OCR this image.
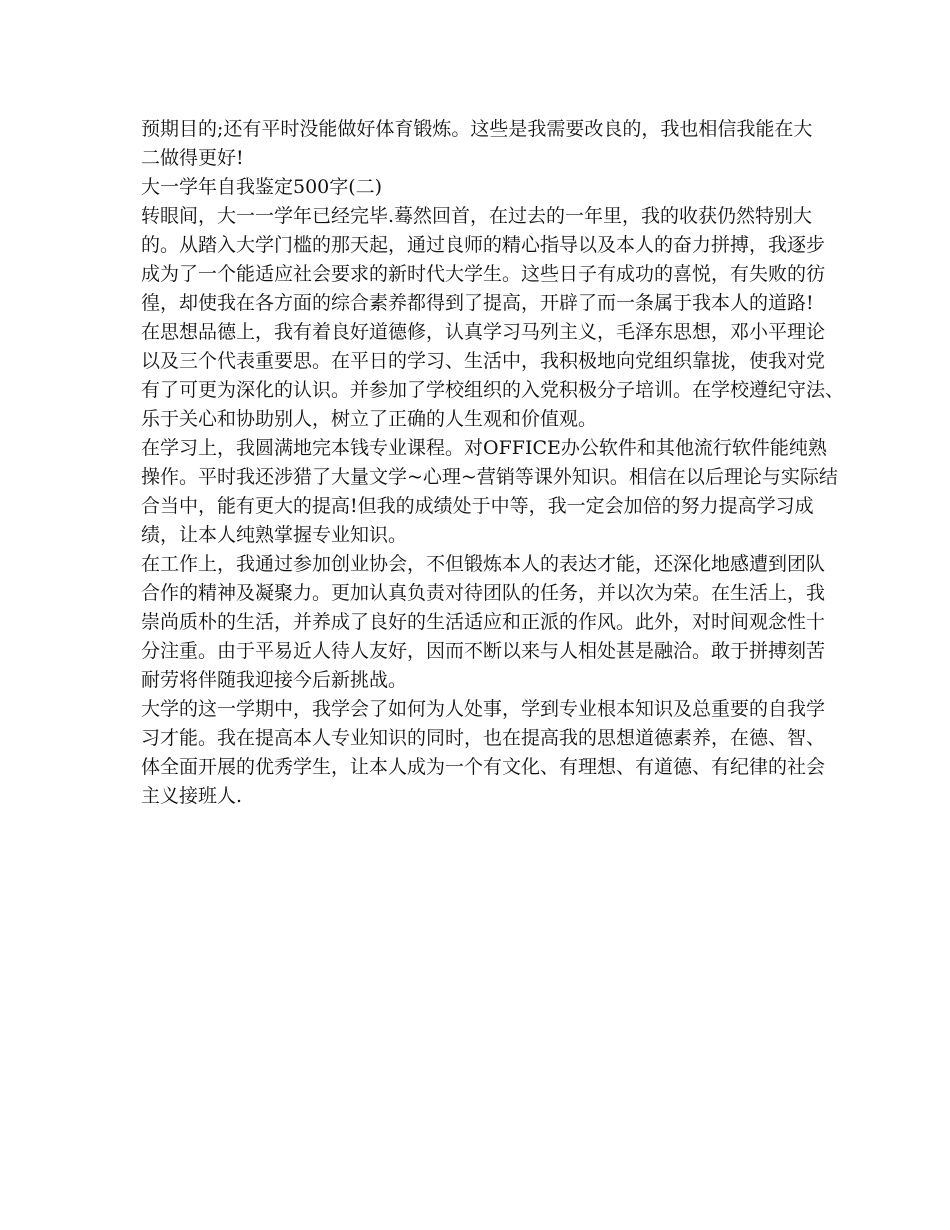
预期目的;还有平时没能做好体育锻炼。这些是我需要改良的，我也相信我能在大
二做得更好!
大一学年自我鉴定500字(二)
转眼间，大一一学年已经完毕.蓦然回首，在过去的一年里，我的收获仍然特别大
的。从踏入大学门槛的那天起，通过良师的精心指导以及本人的奋力拼搏，我逐步
成为了一个能适应社会要求的新时代大学生。这些日子有成功的喜悦，有失败的彷
徨，却使我在各方面的综合素养都得到了提高，开辟了而一条属于我本人的道路!
在思想品德上，我有着良好道德修，认真学习马列主义，毛泽东思想，邓小平理论
以及三个代表重要思。在平日的学习、生活中，我积极地向党组织靠拢，使我对党
有了可更为深化的认识。并参加了学校组织的入党积极分子培训。在学校遵纪守法、
乐于关心和协助别人，树立了正确的人生观和价值观。
在学习上，我圆满地完本钱专业课程。对OFFICE办公软件和其他流行软件能纯熟
操作。平时我还涉猎了大量文学~心理~营销等课外知识。相信在以后理论与实际结
合当中，能有更大的提高!但我的成绩处于中等，我一定会加倍的努力提高学习成
绩，让本人纯熟掌握专业知识。
在工作上，我通过参加创业协会，不但锻炼本人的表达才能，还深化地感遭到团队
合作的精神及凝聚力。更加认真负责对待团队的任务，并以次为荣。在生活上，我
崇尚质朴的生活，并养成了良好的生活适应和正派的作风。此外，对时间观念性十
分注重。由于平易近人待人友好，因而不断以来与人相处甚是融洽。敢于拼搏刻苦
耐劳将伴随我迎接今后新挑战。
大学的这一学期中，我学会了如何为人处事，学到专业根本知识及总重要的自我学
习才能。我在提高本人专业知识的同时，也在提高我的思想道德素养，在德、智、
体全面开展的优秀学生，让本人成为一个有文化、有理想、有道德、有纪律的社会
主义接班人.
